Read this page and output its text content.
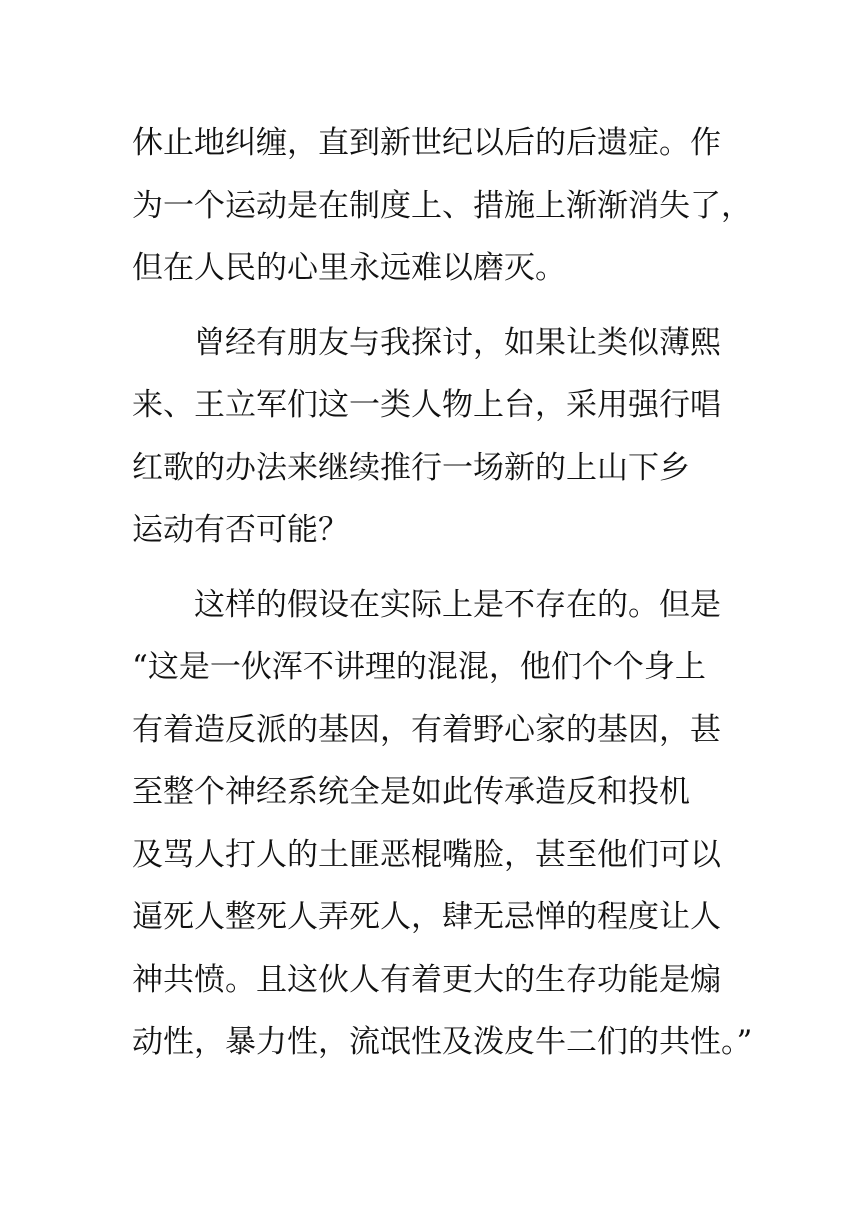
休止地纠缠，直到新世纪以后的后遗症。作
为一个运动是在制度上、措施上渐渐消失了，
但在人民的心里永远难以磨灭。
曾经有朋友与我探讨，如果让类似薄熙
来、王立军们这一类人物上台，采用强行唱
红歌的办法来继续推行一场新的上山下乡
运动有否可能？
这样的假设在实际上是不存在的。但是
“这是一伙浑不讲理的混混，他们个个身上
有着造反派的基因，有着野心家的基因，甚
至整个神经系统全是如此传承造反和投机
及骂人打人的土匪恶棍嘴脸，甚至他们可以
逼死人整死人弄死人，肆无忌惮的程度让人
神共愤。且这伙人有着更大的生存功能是煽
动性，暴力性，流氓性及泼皮牛二们的共性。”
